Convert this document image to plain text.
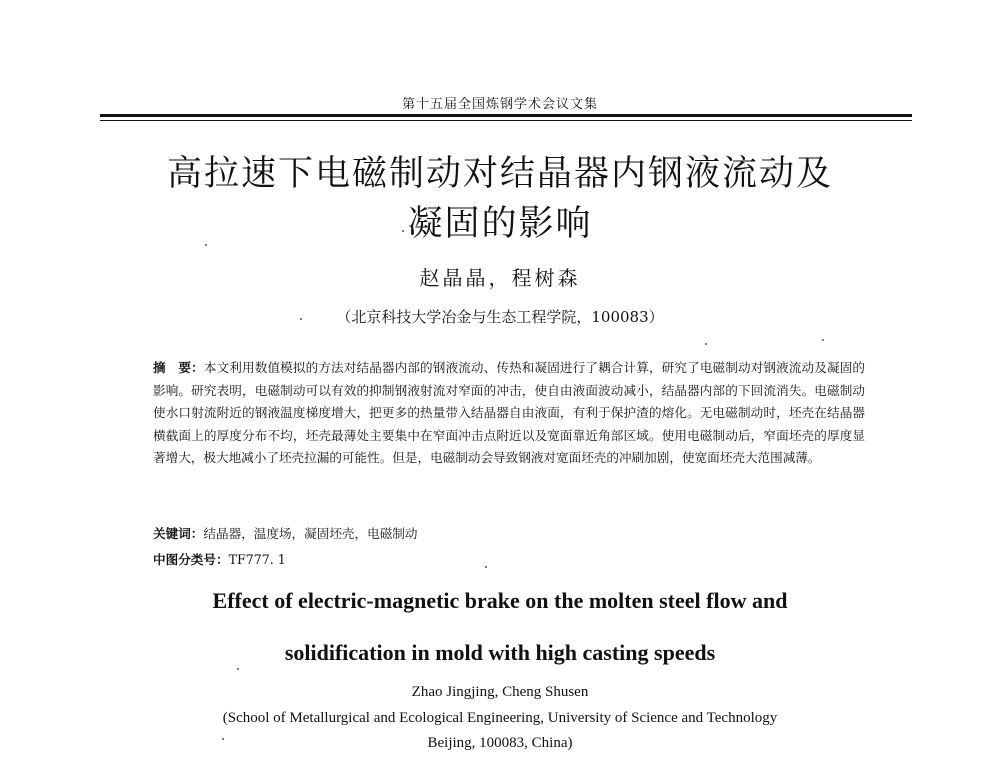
第十五届全国炼钢学术会议文集
高拉速下电磁制动对结晶器内钢液流动及
凝固的影响
赵晶晶，程树森
（北京科技大学冶金与生态工程学院，100083）
摘　要：本文利用数值模拟的方法对结晶器内部的钢液流动、传热和凝固进行了耦合计算，研究了电磁制动对钢液流动及凝固的影响。研究表明，电磁制动可以有效的抑制钢液射流对窄面的冲击，使自由液面波动减小，结晶器内部的下回流消失。电磁制动使水口射流附近的钢液温度梯度增大，把更多的热量带入结晶器自由液面，有利于保护渣的熔化。无电磁制动时，坯壳在结晶器横截面上的厚度分布不均，坯壳最薄处主要集中在窄面冲击点附近以及宽面靠近角部区域。使用电磁制动后，窄面坯壳的厚度显著增大，极大地减小了坯壳拉漏的可能性。但是，电磁制动会导致钢液对宽面坯壳的冲刷加剧，使宽面坯壳大范围减薄。
关键词：结晶器，温度场，凝固坯壳，电磁制动
中图分类号：TF777. 1
Effect of electric-magnetic brake on the molten steel flow and
solidification in mold with high casting speeds
Zhao Jingjing, Cheng Shusen
(School of Metallurgical and Ecological Engineering, University of Science and Technology
Beijing, 100083, China)
